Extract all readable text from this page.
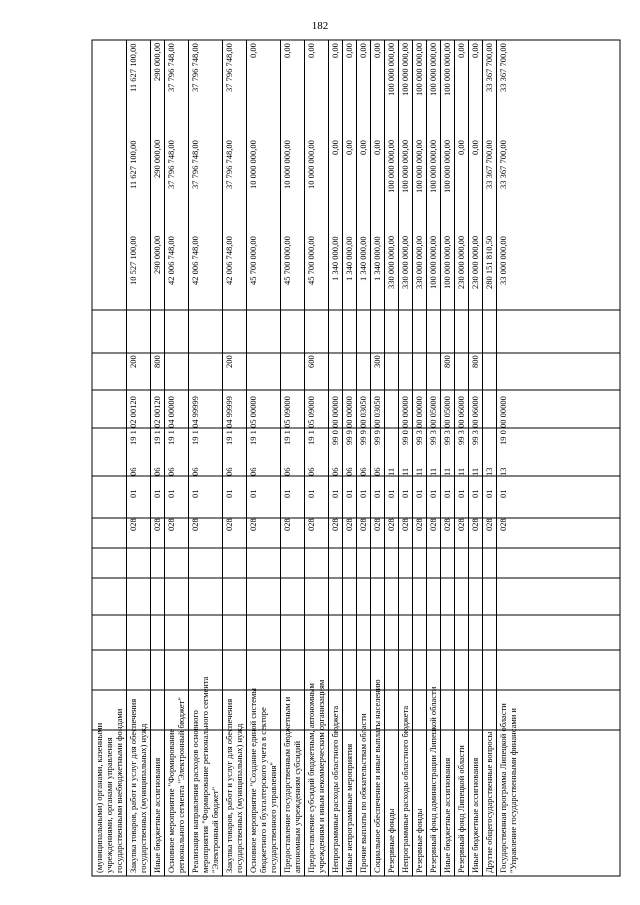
182
(муниципальными) органами, казенными учреждениями, органами управления государственными внебюджетными фондами Закупка товаров, работ и услуг для обеспечения государственных (муниципальных) нужд
028
01
06
19 1 02 00120
200
10 527 100,00
11 627 100,00
11 627 100,00
Иные бюджетные ассигнования
028
01
06
19 1 02 00120
800
290 000,00
290 000,00
290 000,00
Основное мероприятие "Формирование регионального сегмента "Электронный бюджет"
028
01
06
19 1 04 00000
42 006 748,00
37 796 748,00
37 796 748,00
Реализация направления расходов основного мероприятия "Формирование регионального сегмента "Электронный бюджет"
028
01
06
19 1 04 99999
42 006 748,00
37 796 748,00
37 796 748,00
Закупка товаров, работ и услуг для обеспечения государственных (муниципальных) нужд
028
01
06
19 1 04 99999
200
42 006 748,00
37 796 748,00
37 796 748,00
Основное мероприятие "Создание единой системы бюджетного и бухгалтерского учета в секторе государственного управления"
028
01
06
19 1 05 00000
45 700 000,00
10 000 000,00
0,00
Предоставление государственным бюджетным и автономным учреждениям субсидий
028
01
06
19 1 05 09000
45 700 000,00
10 000 000,00
0,00
Предоставление субсидий бюджетным, автономным учреждениям и иным некоммерческим организациям
028
01
06
19 1 05 09000
600
45 700 000,00
10 000 000,00
0,00
Непрограммные расходы областного бюджета
028
01
06
99 0 00 00000
1 340 000,00
0,00
0,00
Иные непрограммные мероприятия
028
01
06
99 9 00 00000
1 340 000,00
0,00
0,00
Прочие выплаты по обязательствам области
028
01
06
99 9 00 03050
1 340 000,00
0,00
0,00
Социальное обеспечение и иные выплаты населению
028
01
06
99 9 00 03050
300
1 340 000,00
0,00
0,00
Резервные фонды
028
01
11
330 000 000,00
100 000 000,00
100 000 000,00
Непрограммные расходы областного бюджета
028
01
11
99 0 00 00000
330 000 000,00
100 000 000,00
100 000 000,00
Резервные фонды
028
01
11
99 3 00 00000
330 000 000,00
100 000 000,00
100 000 000,00
Резервный фонд администрации Липецкой области
028
01
11
99 3 00 05000
100 000 000,00
100 000 000,00
100 000 000,00
Иные бюджетные ассигнования
028
01
11
99 3 00 05000
800
100 000 000,00
100 000 000,00
100 000 000,00
Резервный фонд Липецкой области
028
01
11
99 3 00 06000
230 000 000,00
0,00
0,00
Иные бюджетные ассигнования
028
01
11
99 3 00 06000
800
230 000 000,00
0,00
0,00
Другие общегосударственные вопросы
028
01
13
280 151 810,50
33 367 700,00
33 367 700,00
Государственная программа Липецкой области "Управление государственными финансами и
028
01
13
19 0 00 00000
33 000 000,00
33 367 700,00
33 367 700,00
